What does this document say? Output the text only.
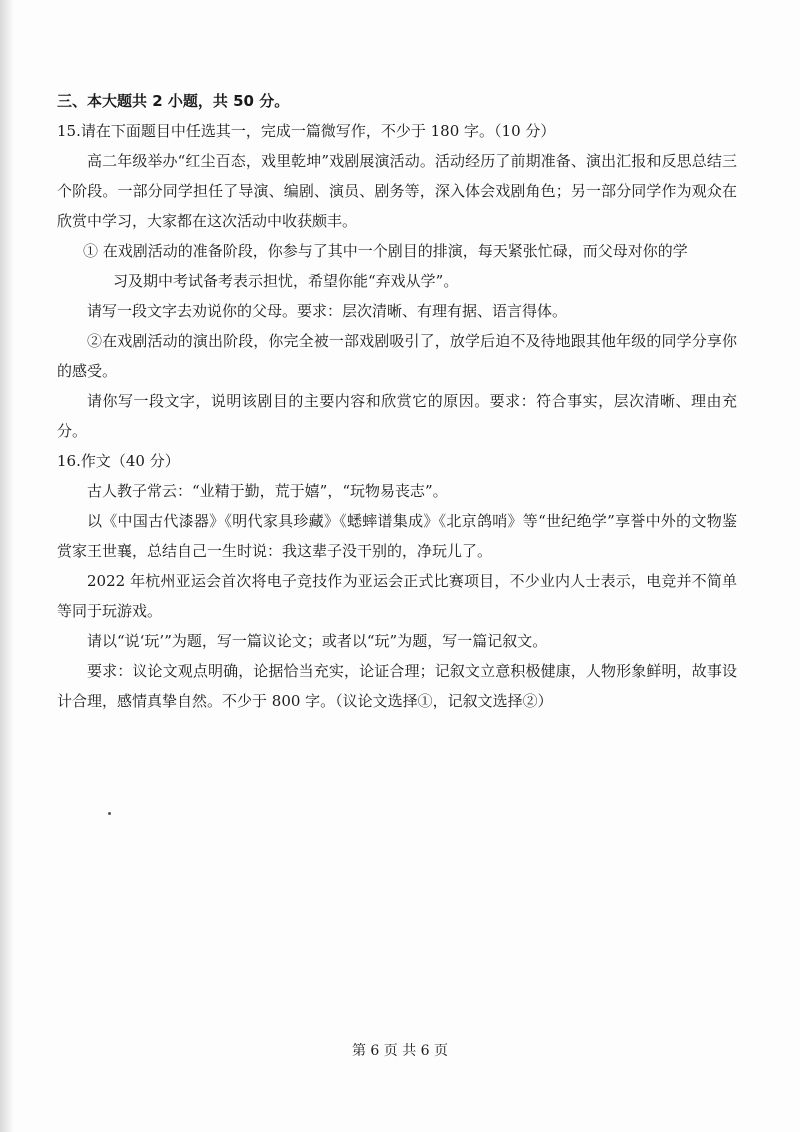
三、本大题共 2 小题，共 50 分。

15.请在下面题目中任选其一，完成一篇微写作，不少于 180 字。（10 分）

高二年级举办“红尘百态，戏里乾坤”戏剧展演活动。活动经历了前期准备、演出汇报和反思总结三个阶段。一部分同学担任了导演、编剧、演员、剧务等，深入体会戏剧角色；另一部分同学作为观众在欣赏中学习，大家都在这次活动中收获颇丰。

① 在戏剧活动的准备阶段，你参与了其中一个剧目的排演，每天紧张忙碌，而父母对你的学

习及期中考试备考表示担忧，希望你能“弃戏从学”。

请写一段文字去劝说你的父母。要求：层次清晰、有理有据、语言得体。

②在戏剧活动的演出阶段，你完全被一部戏剧吸引了，放学后迫不及待地跟其他年级的同学分享你的感受。

请你写一段文字，说明该剧目的主要内容和欣赏它的原因。要求：符合事实，层次清晰、理由充分。

16.作文（40 分）

古人教子常云：“业精于勤，荒于嬉”，“玩物易丧志”。

以《中国古代漆器》《明代家具珍藏》《蟋蟀谱集成》《北京鸽哨》等“世纪绝学”享誉中外的文物鉴赏家王世襄，总结自己一生时说：我这辈子没干别的，净玩儿了。

2022 年杭州亚运会首次将电子竞技作为亚运会正式比赛项目，不少业内人士表示，电竞并不简单等同于玩游戏。

请以“说‘玩’”为题，写一篇议论文；或者以“玩”为题，写一篇记叙文。

要求：议论文观点明确，论据恰当充实，论证合理；记叙文立意积极健康，人物形象鲜明，故事设计合理，感情真挚自然。不少于 800 字。（议论文选择①，记叙文选择②）

第 6 页 共 6 页
